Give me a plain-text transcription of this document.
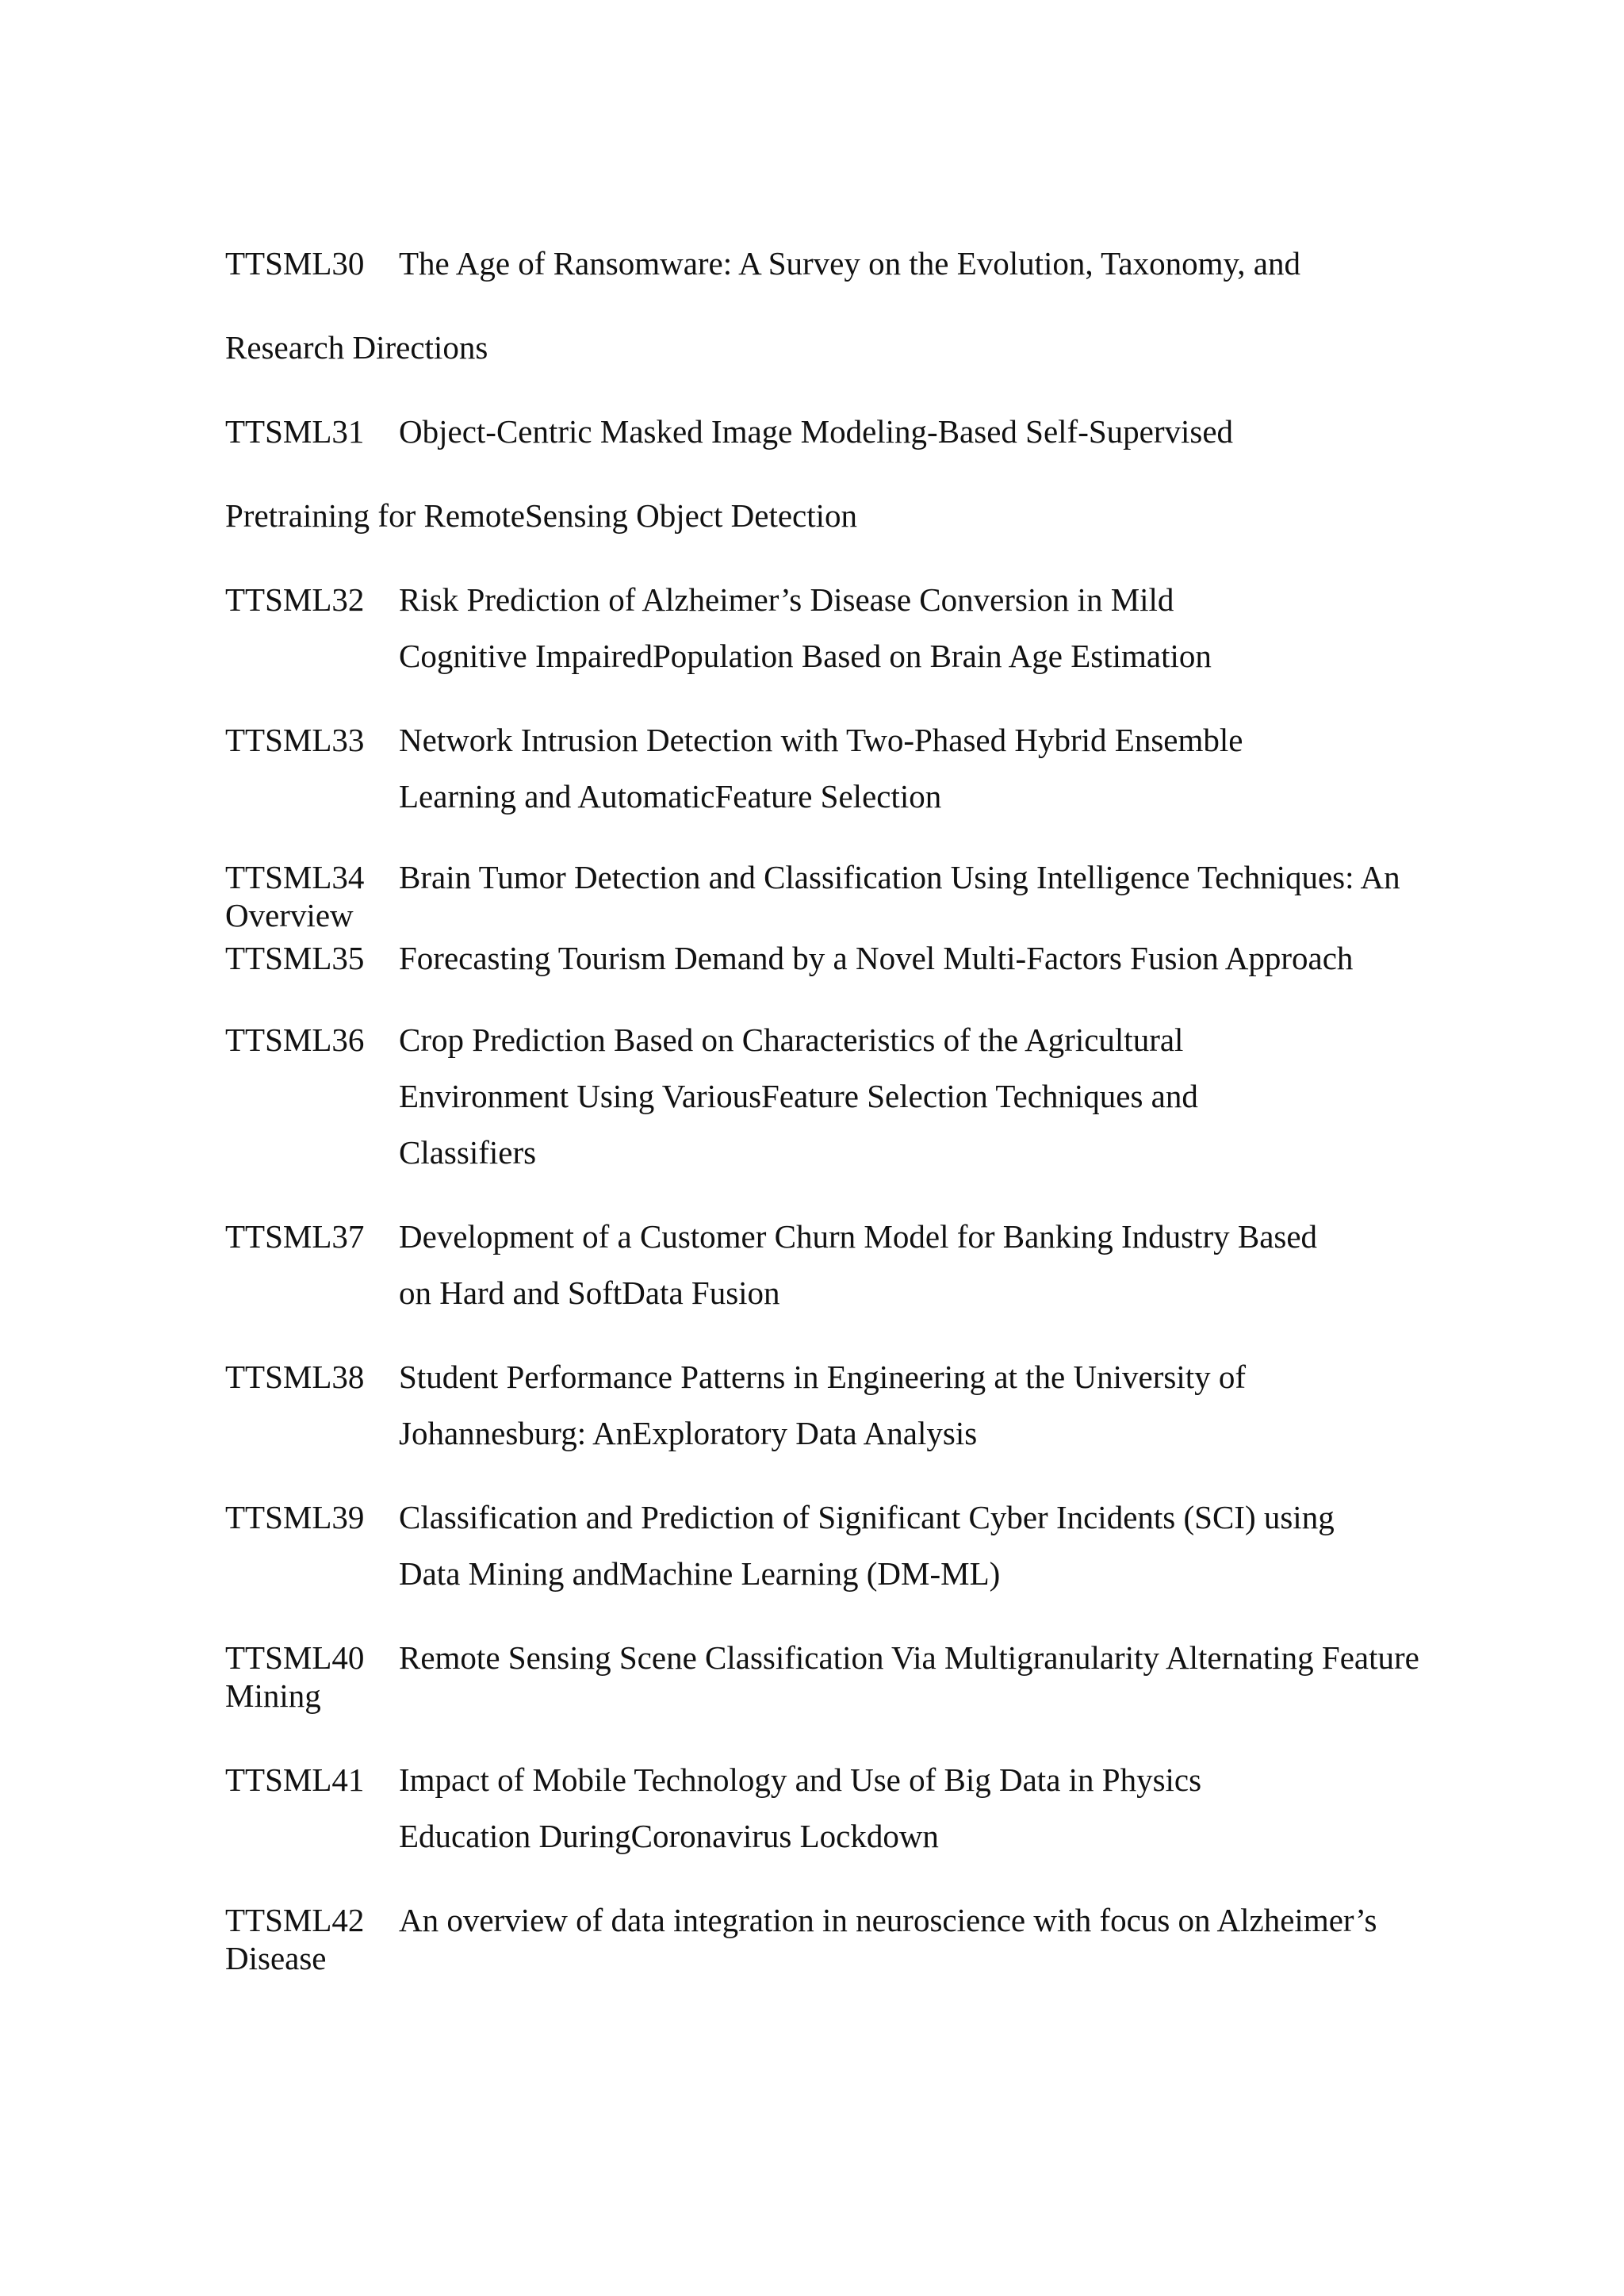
TTSML30 The Age of Ransomware: A Survey on the Evolution, Taxonomy, and
Research Directions
TTSML31 Object-Centric Masked Image Modeling-Based Self-Supervised
Pretraining for RemoteSensing Object Detection
TTSML32 Risk Prediction of Alzheimer’s Disease Conversion in Mild
Cognitive ImpairedPopulation Based on Brain Age Estimation
TTSML33 Network Intrusion Detection with Two-Phased Hybrid Ensemble
Learning and AutomaticFeature Selection
TTSML34 Brain Tumor Detection and Classification Using Intelligence Techniques: An
Overview
TTSML35 Forecasting Tourism Demand by a Novel Multi-Factors Fusion Approach
TTSML36 Crop Prediction Based on Characteristics of the Agricultural
Environment Using VariousFeature Selection Techniques and
Classifiers
TTSML37 Development of a Customer Churn Model for Banking Industry Based
on Hard and SoftData Fusion
TTSML38 Student Performance Patterns in Engineering at the University of
Johannesburg: AnExploratory Data Analysis
TTSML39 Classification and Prediction of Significant Cyber Incidents (SCI) using
Data Mining andMachine Learning (DM-ML)
TTSML40 Remote Sensing Scene Classification Via Multigranularity Alternating Feature
Mining
TTSML41 Impact of Mobile Technology and Use of Big Data in Physics
Education DuringCoronavirus Lockdown
TTSML42 An overview of data integration in neuroscience with focus on Alzheimer’s
Disease
